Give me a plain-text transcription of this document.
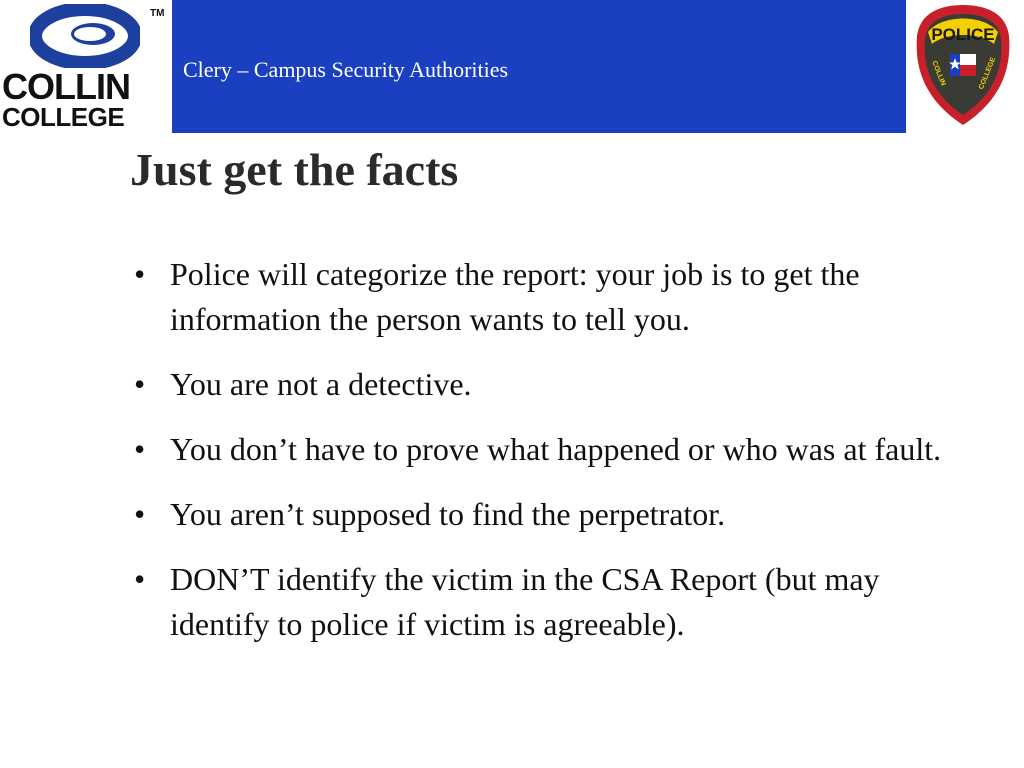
TM
COLLIN
COLLEGE
Clery – Campus Security Authorities
POLICE
COLLIN	COLLEGE
Just get the facts
• Police will categorize the report: your job is to get the information the person wants to tell you.
• You are not a detective.
• You don’t have to prove what happened or who was at fault.
• You aren’t supposed to find the perpetrator.
• DON’T identify the victim in the CSA Report (but may identify to police if victim is agreeable).
